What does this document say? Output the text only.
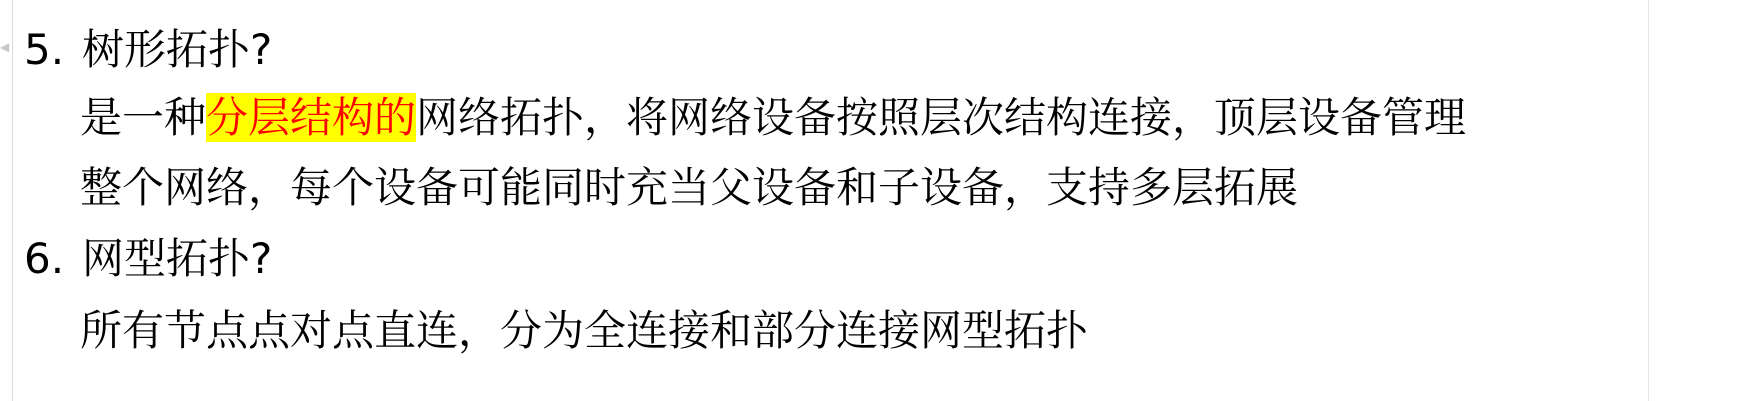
◀ 5. 树形拓扑?
是一种分层结构的网络拓扑，将网络设备按照层次结构连接，顶层设备管理
整个网络，每个设备可能同时充当父设备和子设备，支持多层拓展
6. 网型拓扑?
所有节点点对点直连，分为全连接和部分连接网型拓扑
